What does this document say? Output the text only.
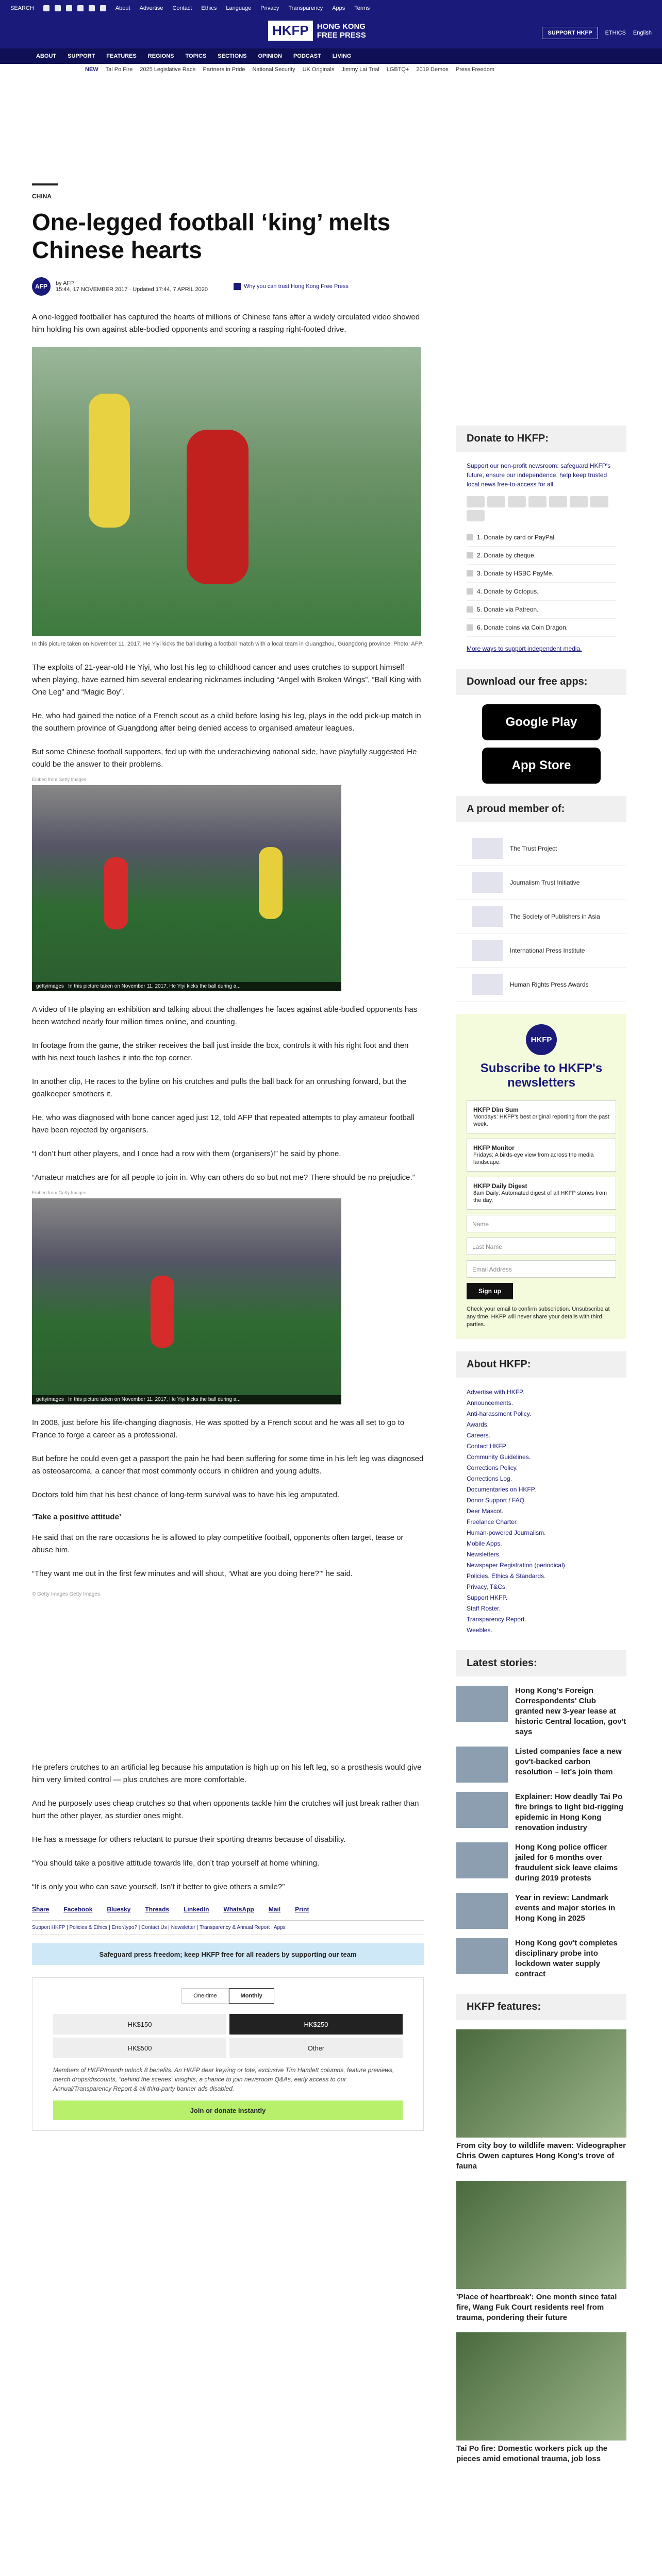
SEARCH	About Advertise Contact Ethics Language Privacy Transparency Apps Terms
HKFP	HONG KONG
FREE PRESS	SUPPORT HKFP	ETHICS English
ABOUT SUPPORT FEATURES REGIONS TOPICS SECTIONS OPINION PODCAST LIVING
NEW Tai Po Fire 2025 Legislative Race Partners in Pride National Security UK Originals Jimmy Lai Trial LGBTQ+ 2019 Demos Press Freedom
CHINA
One-legged football ‘king’ melts Chinese hearts
AFP	by AFP
15:44, 17 NOVEMBER 2017 · Updated 17:44, 7 APRIL 2020	Why you can trust Hong Kong Free Press

A one-legged footballer has captured the hearts of millions of Chinese fans after a widely circulated video showed him holding his own against able-bodied opponents and scoring a rasping right-footed drive.

In this picture taken on November 11, 2017, He Yiyi kicks the ball during a football match with a local team in Guangzhou, Guangdong province. Photo: AFP.

The exploits of 21-year-old He Yiyi, who lost his leg to childhood cancer and uses crutches to support himself when playing, have earned him several endearing nicknames including “Angel with Broken Wings”, “Ball King with One Leg” and “Magic Boy”.

He, who had gained the notice of a French scout as a child before losing his leg, plays in the odd pick-up match in the southern province of Guangdong after being denied access to organised amateur leagues.

But some Chinese football supporters, fed up with the underachieving national side, have playfully suggested He could be the answer to their problems.

Embed from Getty Images
gettyimages In this picture taken on November 11, 2017, He Yiyi kicks the ball during a...

A video of He playing an exhibition and talking about the challenges he faces against able-bodied opponents has been watched nearly four million times online, and counting.

In footage from the game, the striker receives the ball just inside the box, controls it with his right foot and then with his next touch lashes it into the top corner.

In another clip, He races to the byline on his crutches and pulls the ball back for an onrushing forward, but the goalkeeper smothers it.

He, who was diagnosed with bone cancer aged just 12, told AFP that repeated attempts to play amateur football have been rejected by organisers.

“I don’t hurt other players, and I once had a row with them (organisers)!” he said by phone.

“Amateur matches are for all people to join in. Why can others do so but not me? There should be no prejudice.”

Embed from Getty Images
gettyimages In this picture taken on November 11, 2017, He Yiyi kicks the ball during a...

In 2008, just before his life-changing diagnosis, He was spotted by a French scout and he was all set to go to France to forge a career as a professional.

But before he could even get a passport the pain he had been suffering for some time in his left leg was diagnosed as osteosarcoma, a cancer that most commonly occurs in children and young adults.

Doctors told him that his best chance of long-term survival was to have his leg amputated.

‘Take a positive attitude’

He said that on the rare occasions he is allowed to play competitive football, opponents often target, tease or abuse him.

“They want me out in the first few minutes and will shout, ‘What are you doing here?’” he said.

© Getty Images Getty Images

He prefers crutches to an artificial leg because his amputation is high up on his left leg, so a prosthesis would give him very limited control — plus crutches are more comfortable.

And he purposely uses cheap crutches so that when opponents tackle him the crutches will just break rather than hurt the other player, as sturdier ones might.

He has a message for others reluctant to pursue their sporting dreams because of disability.

“You should take a positive attitude towards life, don’t trap yourself at home whining.

“It is only you who can save yourself. Isn’t it better to give others a smile?”

Share Facebook Bluesky Threads LinkedIn WhatsApp Mail Print
Support HKFP | Policies & Ethics | Error/typo? | Contact Us | Newsletter | Transparency & Annual Report | Apps
Safeguard press freedom; keep HKFP free for all readers by supporting our team
One-time	Monthly
HK$150	HK$250
HK$500	Other
Members of HKFP/month unlock 8 benefits. An HKFP dear keyring or tote, exclusive Tim Hamlett columns, feature previews, merch drops/discounts, “behind the scenes” insights, a chance to join newsroom Q&As, early access to our Annual/Transparency Report & all third-party banner ads disabled.
Join or donate instantly
Donate to HKFP:
Support our non-profit newsroom: safeguard HKFP's future, ensure our independence, help keep trusted local news free-to-access for all.
1. Donate by card or PayPal.
2. Donate by cheque.
3. Donate by HSBC PayMe.
4. Donate by Octopus.
5. Donate via Patreon.
6. Donate coins via Coin Dragon.
More ways to support independent media.
Download our free apps:
Google Play
App Store
A proud member of:
The Trust Project
Journalism Trust Initiative
The Society of Publishers in Asia
International Press Institute
Human Rights Press Awards
HKFP
Subscribe to HKFP's newsletters
HKFP Dim Sum
Mondays: HKFP's best original reporting from the past week.
HKFP Monitor
Fridays: A birds-eye view from across the media landscape.
HKFP Daily Digest
8am Daily: Automated digest of all HKFP stories from the day.
Name
Last Name
Email Address
Sign up
Check your email to confirm subscription. Unsubscribe at any time. HKFP will never share your details with third parties.
About HKFP:
Advertise with HKFP.
Announcements.
Anti-harassment Policy.
Awards.
Careers.
Contact HKFP.
Community Guidelines.
Corrections Policy.
Corrections Log.
Documentaries on HKFP.
Donor Support / FAQ.
Deer Mascot.
Freelance Charter.
Human-powered Journalism.
Mobile Apps.
Newsletters.
Newspaper Registration (periodical).
Policies, Ethics & Standards.
Privacy, T&Cs.
Support HKFP.
Staff Roster.
Transparency Report.
Weebles.
Latest stories:
Hong Kong's Foreign Correspondents' Club granted new 3-year lease at historic Central location, gov't says
Listed companies face a new gov't-backed carbon resolution – let's join them
Explainer: How deadly Tai Po fire brings to light bid-rigging epidemic in Hong Kong renovation industry
Hong Kong police officer jailed for 6 months over fraudulent sick leave claims during 2019 protests
Year in review: Landmark events and major stories in Hong Kong in 2025
Hong Kong gov't completes disciplinary probe into lockdown water supply contract
HKFP features:
From city boy to wildlife maven: Videographer Chris Owen captures Hong Kong's trove of fauna
'Place of heartbreak': One month since fatal fire, Wang Fuk Court residents reel from trauma, pondering their future
Tai Po fire: Domestic workers pick up the pieces amid emotional trauma, job loss
